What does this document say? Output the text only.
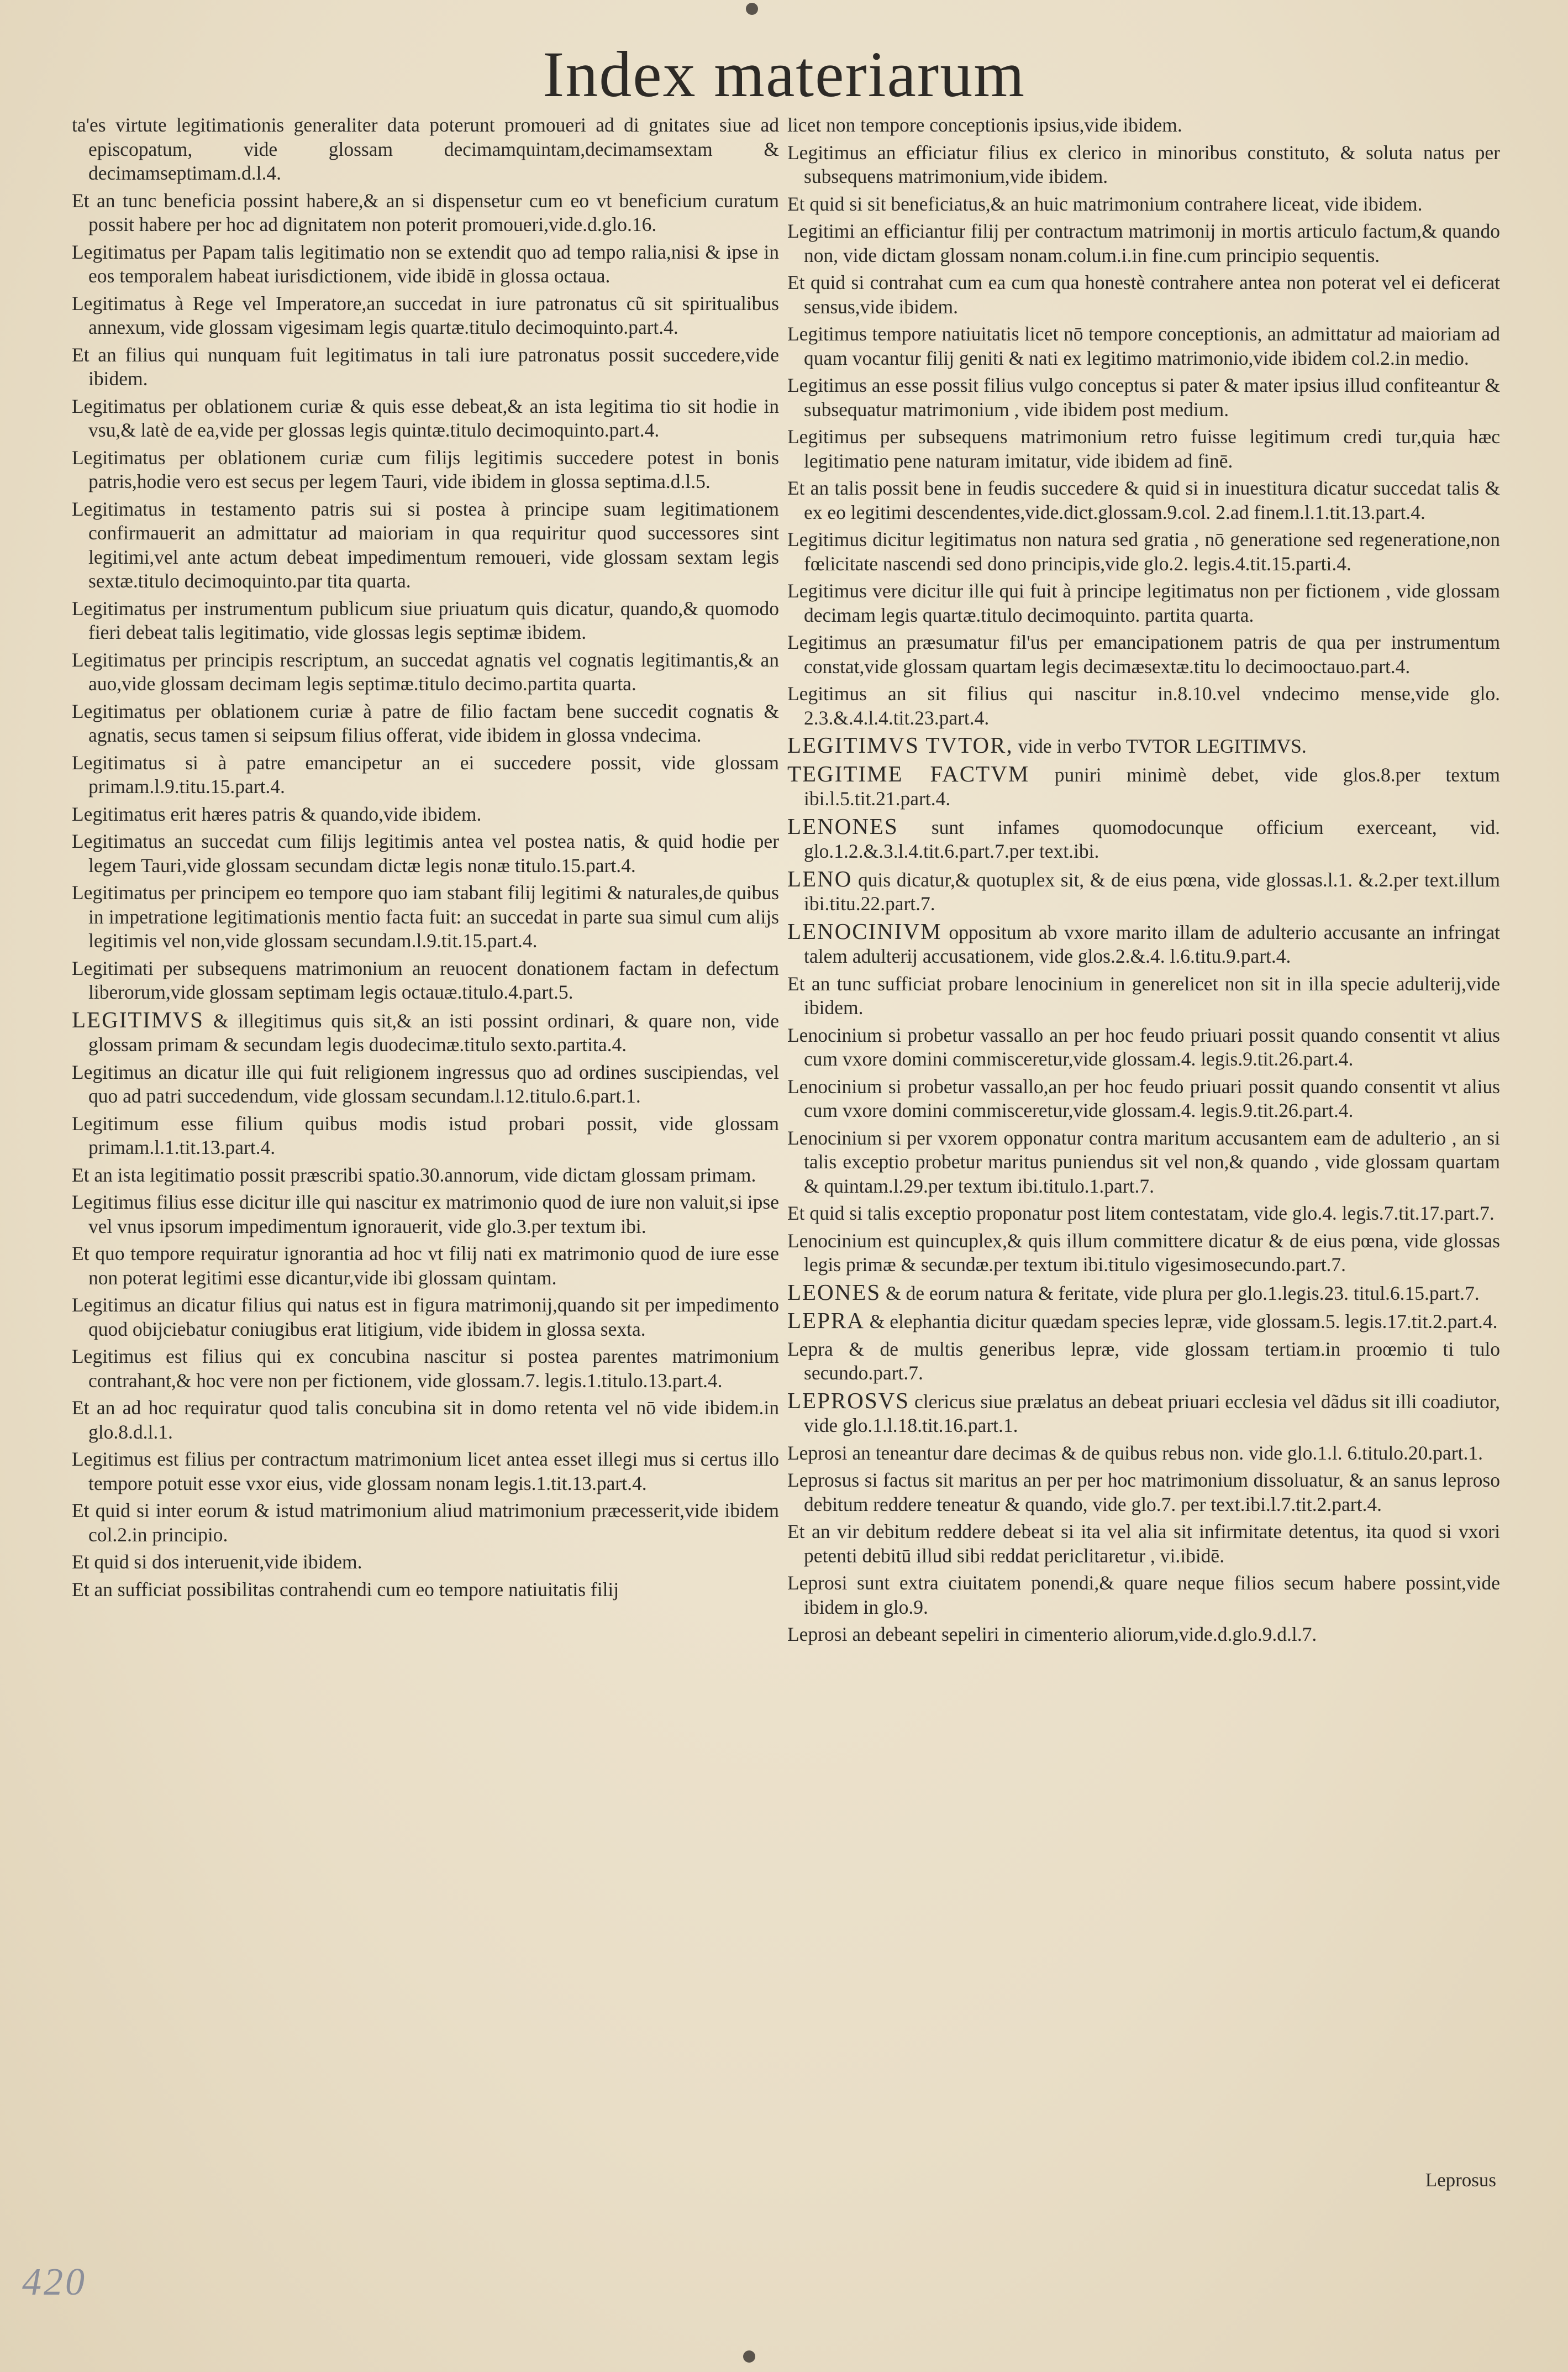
Index materiarum

ta'es virtute legitimationis generaliter data poterunt promoueri ad di gnitates siue ad episcopatum, vide glossam decimamquintam,decimamsextam & decimamseptimam.d.l.4.

Et an tunc beneficia possint habere,& an si dispensetur cum eo vt beneficium curatum possit habere per hoc ad dignitatem non poterit promoueri,vide.d.glo.16.

Legitimatus per Papam talis legitimatio non se extendit quo ad tempo ralia,nisi & ipse in eos temporalem habeat iurisdictionem, vide ibidē in glossa octaua.

Legitimatus à Rege vel Imperatore,an succedat in iure patronatus cũ sit spiritualibus annexum, vide glossam vigesimam legis quartæ.titulo decimoquinto.part.4.

Et an filius qui nunquam fuit legitimatus in tali iure patronatus possit succedere,vide ibidem.

Legitimatus per oblationem curiæ & quis esse debeat,& an ista legitima tio sit hodie in vsu,& latè de ea,vide per glossas legis quintæ.titulo decimoquinto.part.4.

Legitimatus per oblationem curiæ cum filijs legitimis succedere potest in bonis patris,hodie vero est secus per legem Tauri, vide ibidem in glossa septima.d.l.5.

Legitimatus in testamento patris sui si postea à principe suam legitimationem confirmauerit an admittatur ad maioriam in qua requiritur quod successores sint legitimi,vel ante actum debeat impedimentum remoueri, vide glossam sextam legis sextæ.titulo decimoquinto.par tita quarta.

Legitimatus per instrumentum publicum siue priuatum quis dicatur, quando,& quomodo fieri debeat talis legitimatio, vide glossas legis septimæ ibidem.

Legitimatus per principis rescriptum, an succedat agnatis vel cognatis legitimantis,& an auo,vide glossam decimam legis septimæ.titulo decimo.partita quarta.

Legitimatus per oblationem curiæ à patre de filio factam bene succedit cognatis & agnatis, secus tamen si seipsum filius offerat, vide ibidem in glossa vndecima.

Legitimatus si à patre emancipetur an ei succedere possit, vide glossam primam.l.9.titu.15.part.4.

Legitimatus erit hæres patris & quando,vide ibidem.

Legitimatus an succedat cum filijs legitimis antea vel postea natis, & quid hodie per legem Tauri,vide glossam secundam dictæ legis nonæ titulo.15.part.4.

Legitimatus per principem eo tempore quo iam stabant filij legitimi & naturales,de quibus in impetratione legitimationis mentio facta fuit: an succedat in parte sua simul cum alijs legitimis vel non,vide glossam secundam.l.9.tit.15.part.4.

Legitimati per subsequens matrimonium an reuocent donationem factam in defectum liberorum,vide glossam septimam legis octauæ.titulo.4.part.5.

LEGITIMVS & illegitimus quis sit,& an isti possint ordinari, & quare non, vide glossam primam & secundam legis duodecimæ.titulo sexto.partita.4.

Legitimus an dicatur ille qui fuit religionem ingressus quo ad ordines suscipiendas, vel quo ad patri succedendum, vide glossam secundam.l.12.titulo.6.part.1.

Legitimum esse filium quibus modis istud probari possit, vide glossam primam.l.1.tit.13.part.4.

Et an ista legitimatio possit præscribi spatio.30.annorum, vide dictam glossam primam.

Legitimus filius esse dicitur ille qui nascitur ex matrimonio quod de iure non valuit,si ipse vel vnus ipsorum impedimentum ignorauerit, vide glo.3.per textum ibi.

Et quo tempore requiratur ignorantia ad hoc vt filij nati ex matrimonio quod de iure esse non poterat legitimi esse dicantur,vide ibi glossam quintam.

Legitimus an dicatur filius qui natus est in figura matrimonij,quando sit per impedimento quod obijciebatur coniugibus erat litigium, vide ibidem in glossa sexta.

Legitimus est filius qui ex concubina nascitur si postea parentes matrimonium contrahant,& hoc vere non per fictionem, vide glossam.7. legis.1.titulo.13.part.4.

Et an ad hoc requiratur quod talis concubina sit in domo retenta vel nō vide ibidem.in glo.8.d.l.1.

Legitimus est filius per contractum matrimonium licet antea esset illegi mus si certus illo tempore potuit esse vxor eius, vide glossam nonam legis.1.tit.13.part.4.

Et quid si inter eorum & istud matrimonium aliud matrimonium præcesserit,vide ibidem col.2.in principio.

Et quid si dos interuenit,vide ibidem.

Et an sufficiat possibilitas contrahendi cum eo tempore natiuitatis filij

licet non tempore conceptionis ipsius,vide ibidem.

Legitimus an efficiatur filius ex clerico in minoribus constituto, & soluta natus per subsequens matrimonium,vide ibidem.

Et quid si sit beneficiatus,& an huic matrimonium contrahere liceat, vide ibidem.

Legitimi an efficiantur filij per contractum matrimonij in mortis articulo factum,& quando non, vide dictam glossam nonam.colum.i.in fine.cum principio sequentis.

Et quid si contrahat cum ea cum qua honestè contrahere antea non poterat vel ei deficerat sensus,vide ibidem.

Legitimus tempore natiuitatis licet nō tempore conceptionis, an admittatur ad maioriam ad quam vocantur filij geniti & nati ex legitimo matrimonio,vide ibidem col.2.in medio.

Legitimus an esse possit filius vulgo conceptus si pater & mater ipsius illud confiteantur & subsequatur matrimonium , vide ibidem post medium.

Legitimus per subsequens matrimonium retro fuisse legitimum credi tur,quia hæc legitimatio pene naturam imitatur, vide ibidem ad finē.

Et an talis possit bene in feudis succedere & quid si in inuestitura dicatur succedat talis & ex eo legitimi descendentes,vide.dict.glossam.9.col. 2.ad finem.l.1.tit.13.part.4.

Legitimus dicitur legitimatus non natura sed gratia , nō generatione sed regeneratione,non fœlicitate nascendi sed dono principis,vide glo.2. legis.4.tit.15.parti.4.

Legitimus vere dicitur ille qui fuit à principe legitimatus non per fictionem , vide glossam decimam legis quartæ.titulo decimoquinto. partita quarta.

Legitimus an præsumatur fil'us per emancipationem patris de qua per instrumentum constat,vide glossam quartam legis decimæsextæ.titu lo decimooctauo.part.4.

Legitimus an sit filius qui nascitur in.8.10.vel vndecimo mense,vide glo. 2.3.&.4.l.4.tit.23.part.4.

LEGITIMVS TVTOR, vide in verbo TVTOR LEGITIMVS.

TEGITIME FACTVM puniri minimè debet, vide glos.8.per textum ibi.l.5.tit.21.part.4.

LENONES sunt infames quomodocunque officium exerceant, vid. glo.1.2.&.3.l.4.tit.6.part.7.per text.ibi.

LENO quis dicatur,& quotuplex sit, & de eius pœna, vide glossas.l.1. &.2.per text.illum ibi.titu.22.part.7.

LENOCINIVM oppositum ab vxore marito illam de adulterio accusante an infringat talem adulterij accusationem, vide glos.2.&.4. l.6.titu.9.part.4.

Et an tunc sufficiat probare lenocinium in generelicet non sit in illa specie adulterij,vide ibidem.

Lenocinium si probetur vassallo an per hoc feudo priuari possit quando consentit vt alius cum vxore domini commisceretur,vide glossam.4. legis.9.tit.26.part.4.

Lenocinium si probetur vassallo,an per hoc feudo priuari possit quando consentit vt alius cum vxore domini commisceretur,vide glossam.4. legis.9.tit.26.part.4.

Lenocinium si per vxorem opponatur contra maritum accusantem eam de adulterio , an si talis exceptio probetur maritus puniendus sit vel non,& quando , vide glossam quartam & quintam.l.29.per textum ibi.titulo.1.part.7.

Et quid si talis exceptio proponatur post litem contestatam, vide glo.4. legis.7.tit.17.part.7.

Lenocinium est quincuplex,& quis illum committere dicatur & de eius pœna, vide glossas legis primæ & secundæ.per textum ibi.titulo vigesimosecundo.part.7.

LEONES & de eorum natura & feritate, vide plura per glo.1.legis.23. titul.6.15.part.7.

LEPRA & elephantia dicitur quædam species lepræ, vide glossam.5. legis.17.tit.2.part.4.

Lepra & de multis generibus lepræ, vide glossam tertiam.in proœmio ti tulo secundo.part.7.

LEPROSVS clericus siue prælatus an debeat priuari ecclesia vel dãdus sit illi coadiutor, vide glo.1.l.18.tit.16.part.1.

Leprosi an teneantur dare decimas & de quibus rebus non. vide glo.1.l. 6.titulo.20.part.1.

Leprosus si factus sit maritus an per per hoc matrimonium dissoluatur, & an sanus leproso debitum reddere teneatur & quando, vide glo.7. per text.ibi.l.7.tit.2.part.4.

Et an vir debitum reddere debeat si ita vel alia sit infirmitate detentus, ita quod si vxori petenti debitū illud sibi reddat periclitaretur , vi.ibidē.

Leprosi sunt extra ciuitatem ponendi,& quare neque filios secum habere possint,vide ibidem in glo.9.

Leprosi an debeant sepeliri in cimenterio aliorum,vide.d.glo.9.d.l.7.

Leprosus
420
